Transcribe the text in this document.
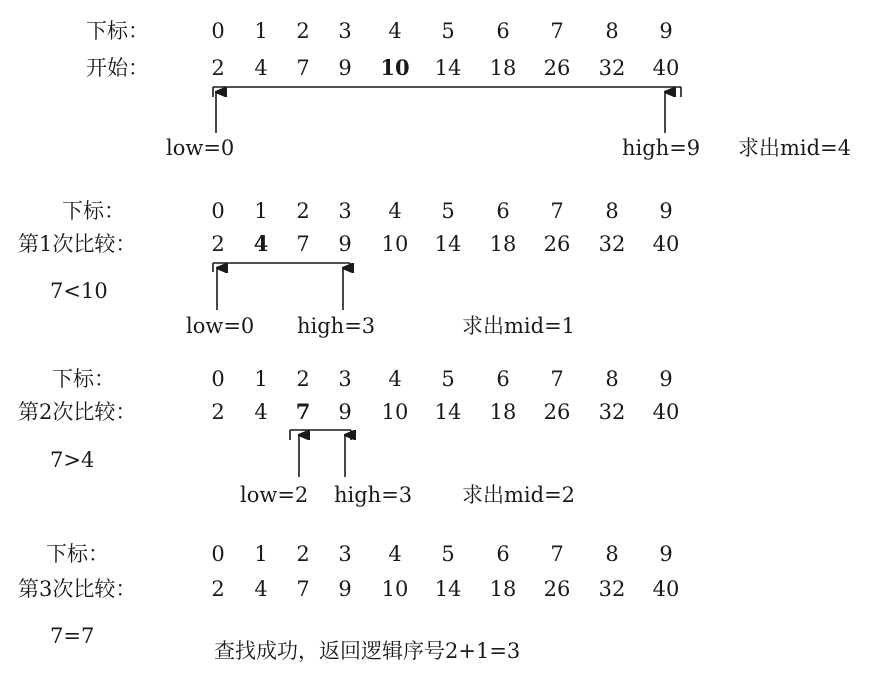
下标：
开始：
0 1 2 3 4 5 6 7 8 9
2 4 7 9 10 14 18 26 32 40
low=0	high=9 求出mid=4
下标：
第1次比较：
0 1 2 3 4 5 6 7 8 9
2 4 7 9 10 14 18 26 32 40
7<10
low=0 high=3	求出mid=1
下标：
第2次比较：
0 1 2 3 4 5 6 7 8 9
2 4 7 9 10 14 18 26 32 40
7>4
low=2 high=3 求出mid=2
下标：
第3次比较：
0 1 2 3 4 5 6 7 8 9
2 4 7 9 10 14 18 26 32 40
7=7
查找成功，返回逻辑序号2+1=3
